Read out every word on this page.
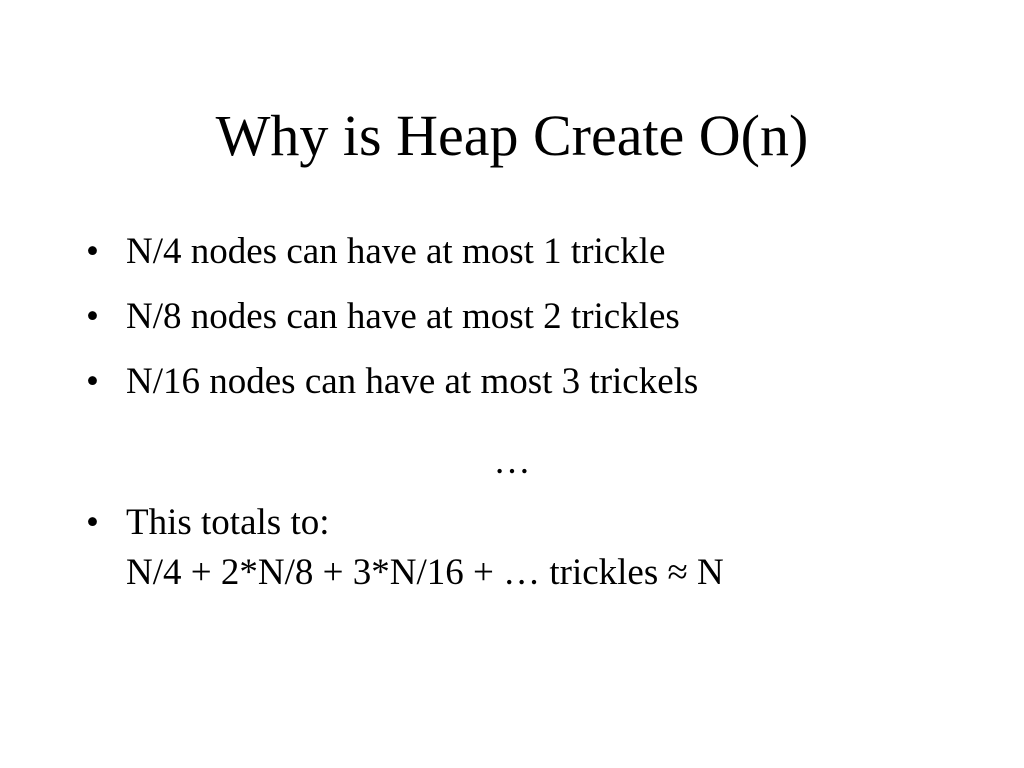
Why is Heap Create O(n)
• N/4 nodes can have at most 1 trickle
• N/8 nodes can have at most 2 trickles
• N/16 nodes can have at most 3 trickels
…
• This totals to:
N/4 + 2*N/8 + 3*N/16 + … trickles ≈ N
